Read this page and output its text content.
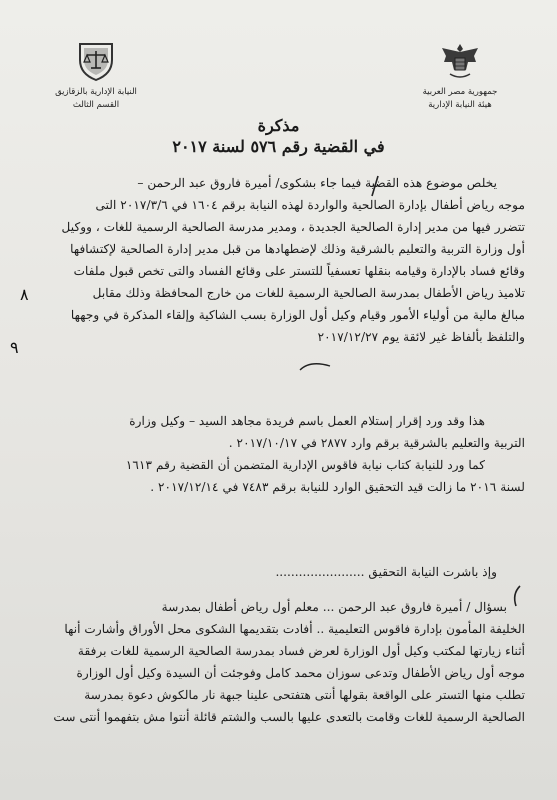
النيابة الإدارية بالزقازيق
القسم الثالث
جمهورية مصر العربية
هيئة النيابة الإدارية
مذكرة
في القضية رقم ٥٧٦ لسنة ٢٠١٧

يخلص موضوع هذه القضية فيما جاء بشكوى/ أميرة فاروق عبد الرحمن –

موجه رياض أطفال بإدارة الصالحية والواردة لهذه النيابة برقم ١٦٠٤ في ٢٠١٧/٣/٦ التى

تتضرر فيها من مدير إدارة الصالحية الجديدة ، ومدير مدرسة الصالحية الرسمية للغات ، ووكيل

أول وزارة التربية والتعليم بالشرقية وذلك لإضطهادها من قبل مدير إدارة الصالحية لإكتشافها

وقائع فساد بالإدارة وقيامه بنقلها تعسفياً للتستر على وقائع الفساد والتى تخص قبول ملفات

تلاميذ رياض الأطفال بمدرسة الصالحية الرسمية للغات من خارج المحافظة وذلك مقابل

مبالغ مالية من أولياء الأمور وقيام وكيل أول الوزارة بسب الشاكية وإلقاء المذكرة في وجهها

والتلفظ بألفاظ غير لائقة يوم ٢٠١٧/١٢/٢٧

٨
٩

هذا وقد ورد إقرار إستلام العمل باسم فريدة مجاهد السيد – وكيل وزارة

التربية والتعليم بالشرقية برقم وارد ٢٨٧٧ في ٢٠١٧/١٠/١٧ .

كما ورد للنيابة كتاب نيابة فاقوس الإدارية المتضمن أن القضية رقم ١٦١٣

لسنة ٢٠١٦ ما زالت قيد التحقيق الوارد للنيابة برقم ٧٤٨٣ في ٢٠١٧/١٢/١٤ .

وإذ باشرت النيابة التحقيق .......................

بسؤال / أميرة فاروق عبد الرحمن ... معلم أول رياض أطفال بمدرسة

الخليفة المأمون بإدارة فاقوس التعليمية .. أفادت بتقديمها الشكوى محل الأوراق وأشارت أنها

أثناء زيارتها لمكتب وكيل أول الوزارة لعرض فساد بمدرسة الصالحية الرسمية للغات برفقة

موجه أول رياض الأطفال وتدعى سوزان محمد كامل وفوجئت أن السيدة وكيل أول الوزارة

تطلب منها التستر على الواقعة بقولها أنتى هتفتحى علينا جبهة نار مالكوش دعوة بمدرسة

الصالحية الرسمية للغات وقامت بالتعدى عليها بالسب والشتم قائلة أنتوا مش بتفهموا أنتى ست
